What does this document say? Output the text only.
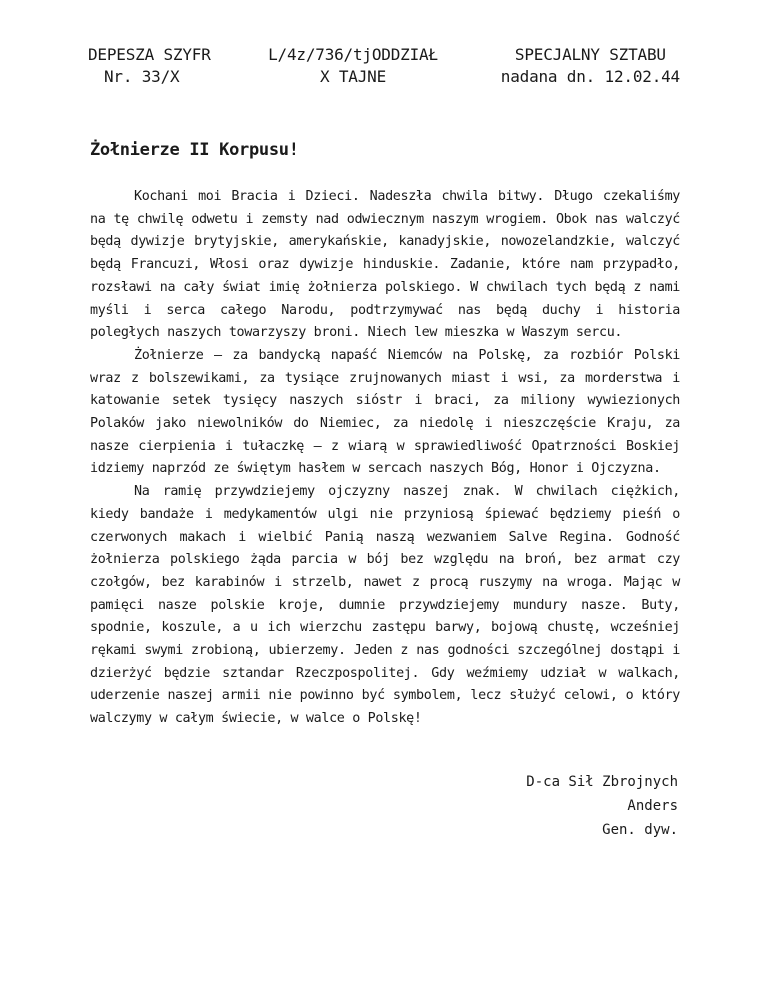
DEPESZA SZYFR
Nr. 33/X
L/4z/736/tjODDZIAŁ
X TAJNE
SPECJALNY SZTABU
nadana dn. 12.02.44
Żołnierze II Korpusu!

Kochani moi Bracia i Dzieci. Nadeszła chwila bitwy. Długo czekaliśmy na tę chwilę odwetu i zemsty nad odwiecznym naszym wrogiem. Obok nas walczyć będą dywizje brytyjskie, amerykańskie, kanadyjskie, nowozelandzkie, walczyć będą Francuzi, Włosi oraz dywizje hinduskie. Zadanie, które nam przypadło, rozsławi na cały świat imię żołnierza polskiego. W chwilach tych będą z nami myśli i serca całego Narodu, podtrzymywać nas będą duchy i historia poległych naszych towarzyszy broni. Niech lew mieszka w Waszym sercu.

Żołnierze – za bandycką napaść Niemców na Polskę, za rozbiór Polski wraz z bolszewikami, za tysiące zrujnowanych miast i wsi, za morderstwa i katowanie setek tysięcy naszych sióstr i braci, za miliony wywiezionych Polaków jako niewolników do Niemiec, za niedolę i nieszczęście Kraju, za nasze cierpienia i tułaczkę – z wiarą w sprawiedliwość Opatrzności Boskiej idziemy naprzód ze świętym hasłem w sercach naszych Bóg, Honor i Ojczyzna.

Na ramię przywdziejemy ojczyzny naszej znak. W chwilach ciężkich, kiedy bandaże i medykamentów ulgi nie przyniosą śpiewać będziemy pieśń o czerwonych makach i wielbić Panią naszą wezwaniem Salve Regina. Godność żołnierza polskiego żąda parcia w bój bez względu na broń, bez armat czy czołgów, bez karabinów i strzelb, nawet z procą ruszymy na wroga. Mając w pamięci nasze polskie kroje, dumnie przywdziejemy mundury nasze. Buty, spodnie, koszule, a u ich wierzchu zastępu barwy, bojową chustę, wcześniej rękami swymi zrobioną, ubierzemy. Jeden z nas godności szczególnej dostąpi i dzierżyć będzie sztandar Rzeczpospolitej. Gdy weźmiemy udział w walkach, uderzenie naszej armii nie powinno być symbolem, lecz służyć celowi, o który walczymy w całym świecie, w walce o Polskę!

D-ca Sił Zbrojnych
Anders
Gen. dyw.
